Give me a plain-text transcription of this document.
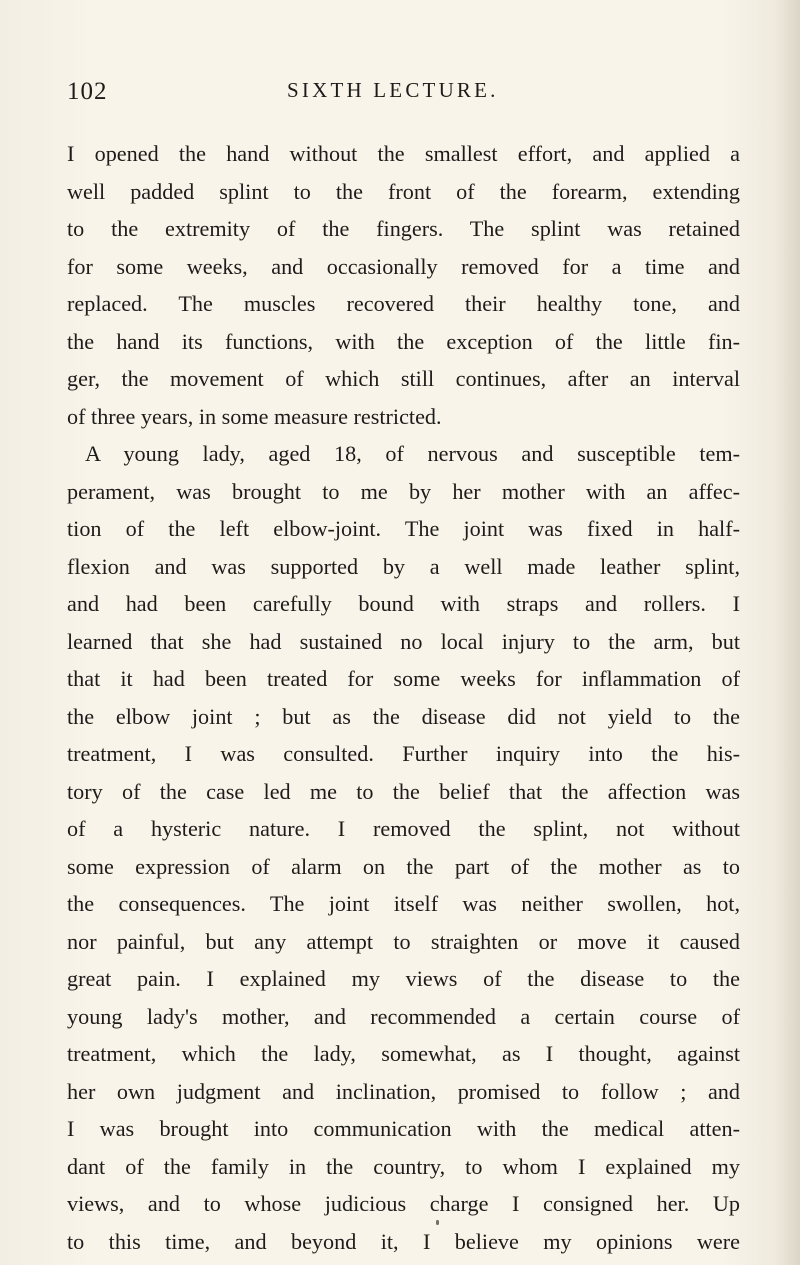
102	SIXTH LECTURE.
I opened the hand without the smallest effort, and applied a
well padded splint to the front of the forearm, extending
to the extremity of the fingers. The splint was retained
for some weeks, and occasionally removed for a time and
replaced. The muscles recovered their healthy tone, and
the hand its functions, with the exception of the little fin-
ger, the movement of which still continues, after an interval
of three years, in some measure restricted.
A young lady, aged 18, of nervous and susceptible tem-
perament, was brought to me by her mother with an affec-
tion of the left elbow-joint. The joint was fixed in half-
flexion and was supported by a well made leather splint,
and had been carefully bound with straps and rollers. I
learned that she had sustained no local injury to the arm, but
that it had been treated for some weeks for inflammation of
the elbow joint ; but as the disease did not yield to the
treatment, I was consulted. Further inquiry into the his-
tory of the case led me to the belief that the affection was
of a hysteric nature. I removed the splint, not without
some expression of alarm on the part of the mother as to
the consequences. The joint itself was neither swollen, hot,
nor painful, but any attempt to straighten or move it caused
great pain. I explained my views of the disease to the
young lady's mother, and recommended a certain course of
treatment, which the lady, somewhat, as I thought, against
her own judgment and inclination, promised to follow ; and
I was brought into communication with the medical atten-
dant of the family in the country, to whom I explained my
views, and to whose judicious charge I consigned her. Up
to this time, and beyond it, I believe my opinions were
